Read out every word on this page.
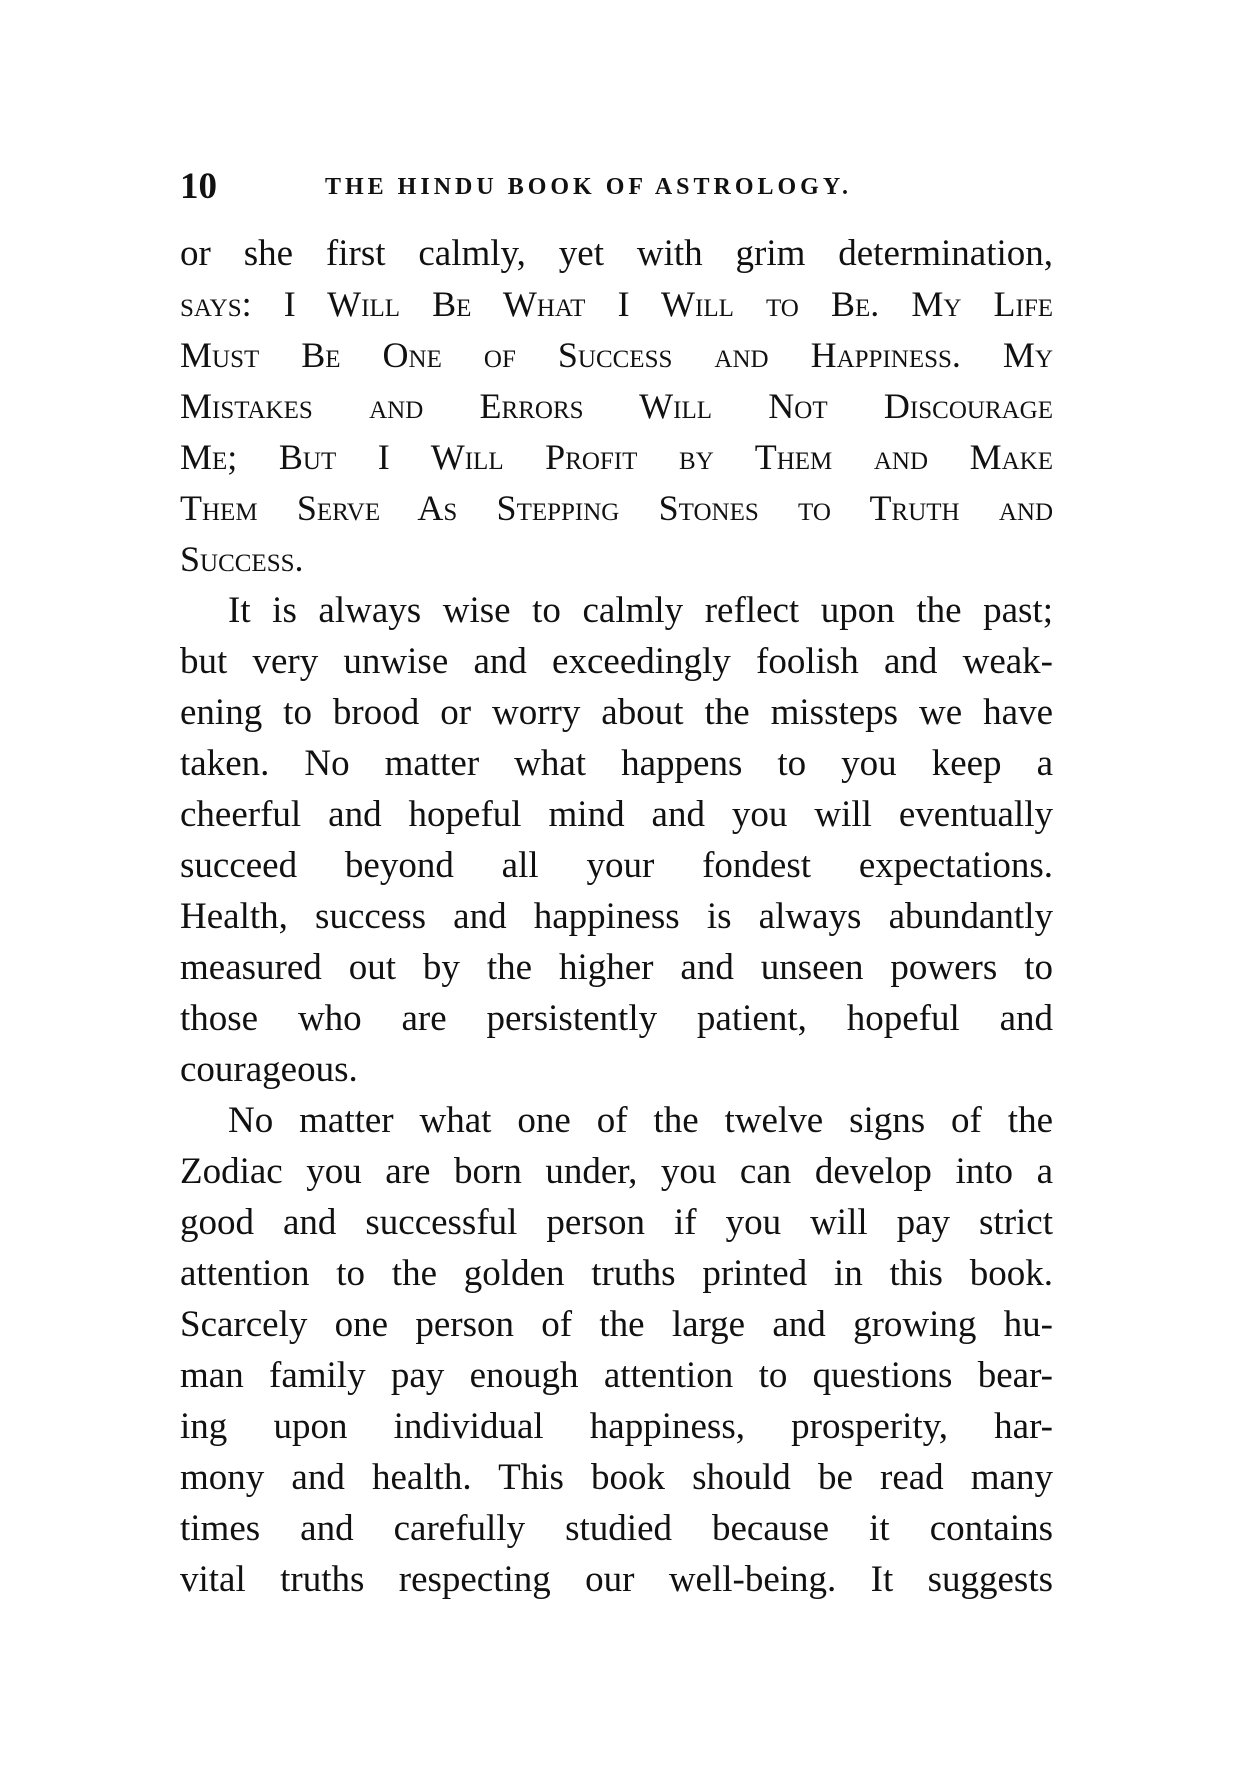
10	THE HINDU BOOK OF ASTROLOGY.
or she first calmly, yet with grim determination,
says: I Will Be What I Will to Be. My Life
Must Be One of Success and Happiness. My
Mistakes and Errors Will Not Discourage
Me; But I Will Profit by Them and Make
Them Serve As Stepping Stones to Truth and
Success.
It is always wise to calmly reflect upon the past;
but very unwise and exceedingly foolish and weak-
ening to brood or worry about the missteps we have
taken. No matter what happens to you keep a
cheerful and hopeful mind and you will eventually
succeed beyond all your fondest expectations.
Health, success and happiness is always abundantly
measured out by the higher and unseen powers to
those who are persistently patient, hopeful and
courageous.
No matter what one of the twelve signs of the
Zodiac you are born under, you can develop into a
good and successful person if you will pay strict
attention to the golden truths printed in this book.
Scarcely one person of the large and growing hu-
man family pay enough attention to questions bear-
ing upon individual happiness, prosperity, har-
mony and health. This book should be read many
times and carefully studied because it contains
vital truths respecting our well-being. It suggests
